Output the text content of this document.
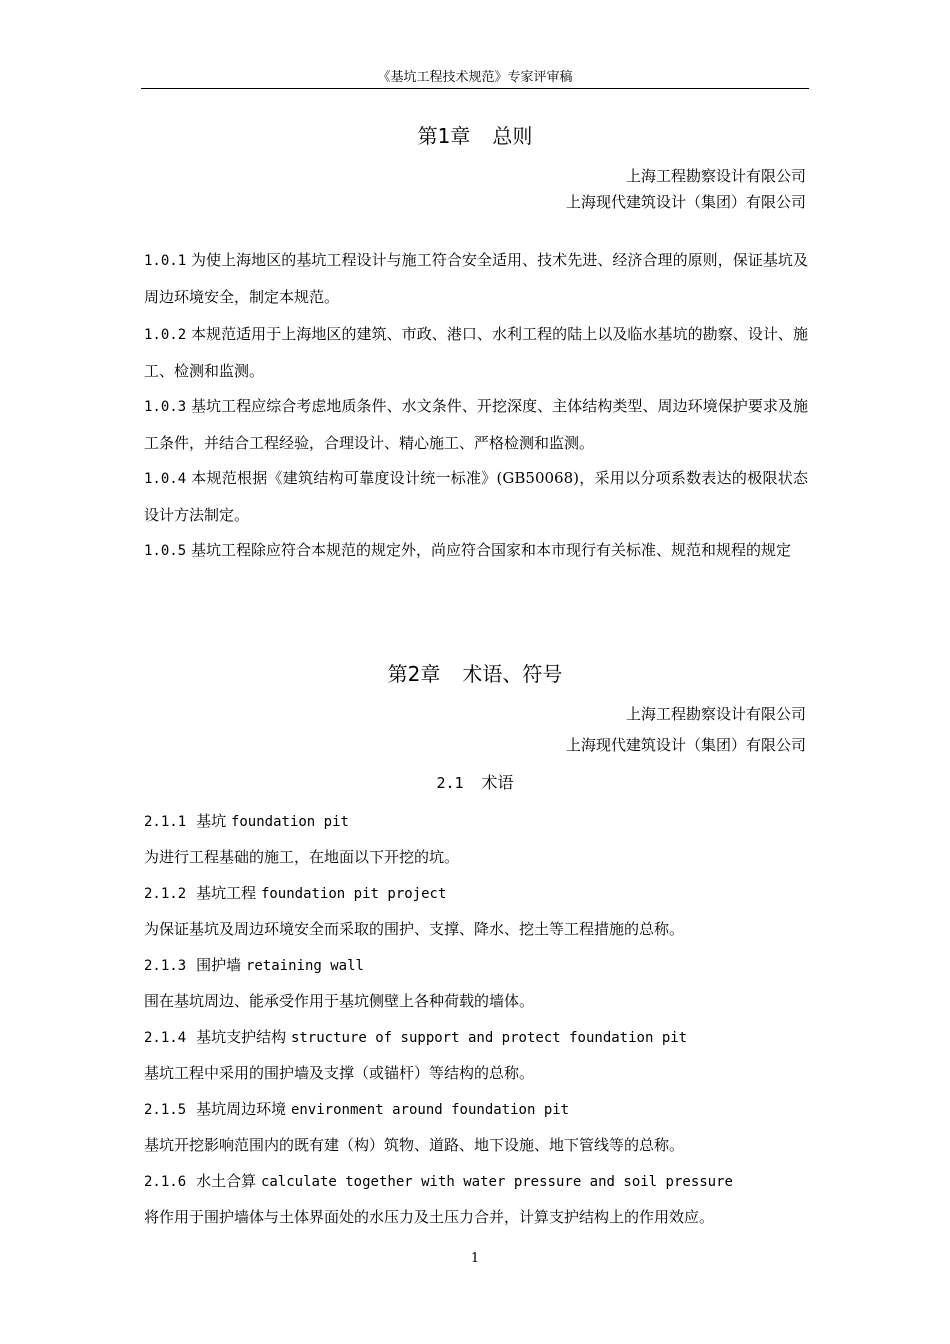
《基坑工程技术规范》专家评审稿
第1章 总则
上海工程勘察设计有限公司
上海现代建筑设计（集团）有限公司
1.0.1 为使上海地区的基坑工程设计与施工符合安全适用、技术先进、经济合理的原则，保证基坑及周边环境安全，制定本规范。
1.0.2 本规范适用于上海地区的建筑、市政、港口、水利工程的陆上以及临水基坑的勘察、设计、施工、检测和监测。
1.0.3 基坑工程应综合考虑地质条件、水文条件、开挖深度、主体结构类型、周边环境保护要求及施工条件，并结合工程经验，合理设计、精心施工、严格检测和监测。
1.0.4 本规范根据《建筑结构可靠度设计统一标准》(GB50068)，采用以分项系数表达的极限状态设计方法制定。
1.0.5 基坑工程除应符合本规范的规定外，尚应符合国家和本市现行有关标准、规范和规程的规定
第2章 术语、符号
上海工程勘察设计有限公司
上海现代建筑设计（集团）有限公司
2.1 术语
2.1.1 基坑 foundation pit
为进行工程基础的施工，在地面以下开挖的坑。
2.1.2 基坑工程 foundation pit project
为保证基坑及周边环境安全而采取的围护、支撑、降水、挖土等工程措施的总称。
2.1.3 围护墙 retaining wall
围在基坑周边、能承受作用于基坑侧壁上各种荷载的墙体。
2.1.4 基坑支护结构 structure of support and protect foundation pit
基坑工程中采用的围护墙及支撑（或锚杆）等结构的总称。
2.1.5 基坑周边环境 environment around foundation pit
基坑开挖影响范围内的既有建（构）筑物、道路、地下设施、地下管线等的总称。
2.1.6 水土合算 calculate together with water pressure and soil pressure
将作用于围护墙体与土体界面处的水压力及土压力合并，计算支护结构上的作用效应。
1
